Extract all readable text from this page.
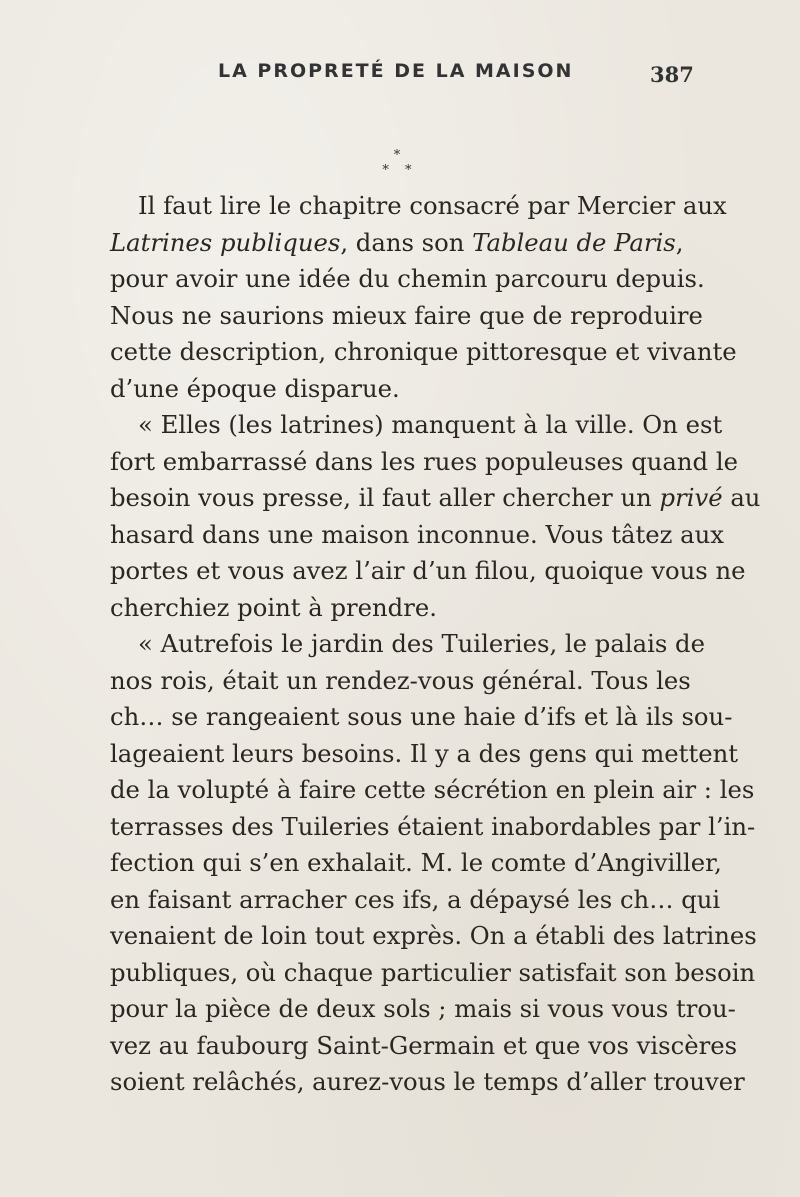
LA PROPRETÉ DE LA MAISON	387
*
* *
Il faut lire le chapitre consacré par Mercier aux
Latrines publiques, dans son Tableau de Paris,
pour avoir une idée du chemin parcouru depuis.
Nous ne saurions mieux faire que de reproduire
cette description, chronique pittoresque et vivante
d’une époque disparue.
« Elles (les latrines) manquent à la ville. On est
fort embarrassé dans les rues populeuses quand le
besoin vous presse, il faut aller chercher un privé au
hasard dans une maison inconnue. Vous tâtez aux
portes et vous avez l’air d’un filou, quoique vous ne
cherchiez point à prendre.
« Autrefois le jardin des Tuileries, le palais de
nos rois, était un rendez-vous général. Tous les
ch… se rangeaient sous une haie d’ifs et là ils sou-
lageaient leurs besoins. Il y a des gens qui mettent
de la volupté à faire cette sécrétion en plein air : les
terrasses des Tuileries étaient inabordables par l’in-
fection qui s’en exhalait. M. le comte d’Angiviller,
en faisant arracher ces ifs, a dépaysé les ch… qui
venaient de loin tout exprès. On a établi des latrines
publiques, où chaque particulier satisfait son besoin
pour la pièce de deux sols ; mais si vous vous trou-
vez au faubourg Saint-Germain et que vos viscères
soient relâchés, aurez-vous le temps d’aller trouver
